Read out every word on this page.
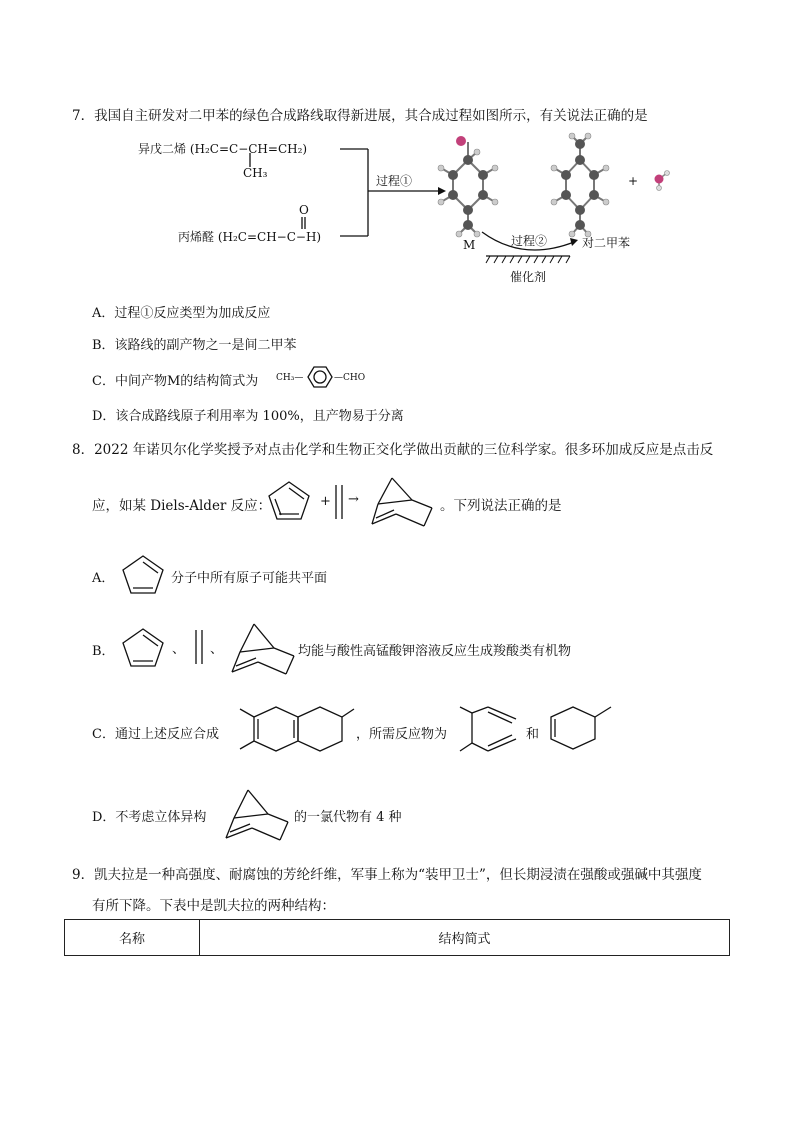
7．我国自主研发对二甲苯的绿色合成路线取得新进展，其合成过程如图所示，有关说法正确的是
异戊二烯 (H₂C=C−CH=CH₂)
CH₃
O
丙烯醛 (H₂C=CH−C−H)
过程①	+
M	过程②	对二甲苯
催化剂
A．过程①反应类型为加成反应
B．该路线的副产物之一是间二甲苯
C．中间产物M的结构简式为 CH₃—	—CHO
D．该合成路线原子利用率为 100%，且产物易于分离
8．2022 年诺贝尔化学奖授予对点击化学和生物正交化学做出贡献的三位科学家。很多环加成反应是点击反
应，如某 Diels-Alder 反应：	+ →	。下列说法正确的是
A．	分子中所有原子可能共平面
B．	、 、	均能与酸性高锰酸钾溶液反应生成羧酸类有机物
C．通过上述反应合成	，所需反应物为	和
D．不考虑立体异构	的一氯代物有 4 种
9．凯夫拉是一种高强度、耐腐蚀的芳纶纤维，军事上称为“装甲卫士”，但长期浸渍在强酸或强碱中其强度
有所下降。下表中是凯夫拉的两种结构：
名称	结构简式
